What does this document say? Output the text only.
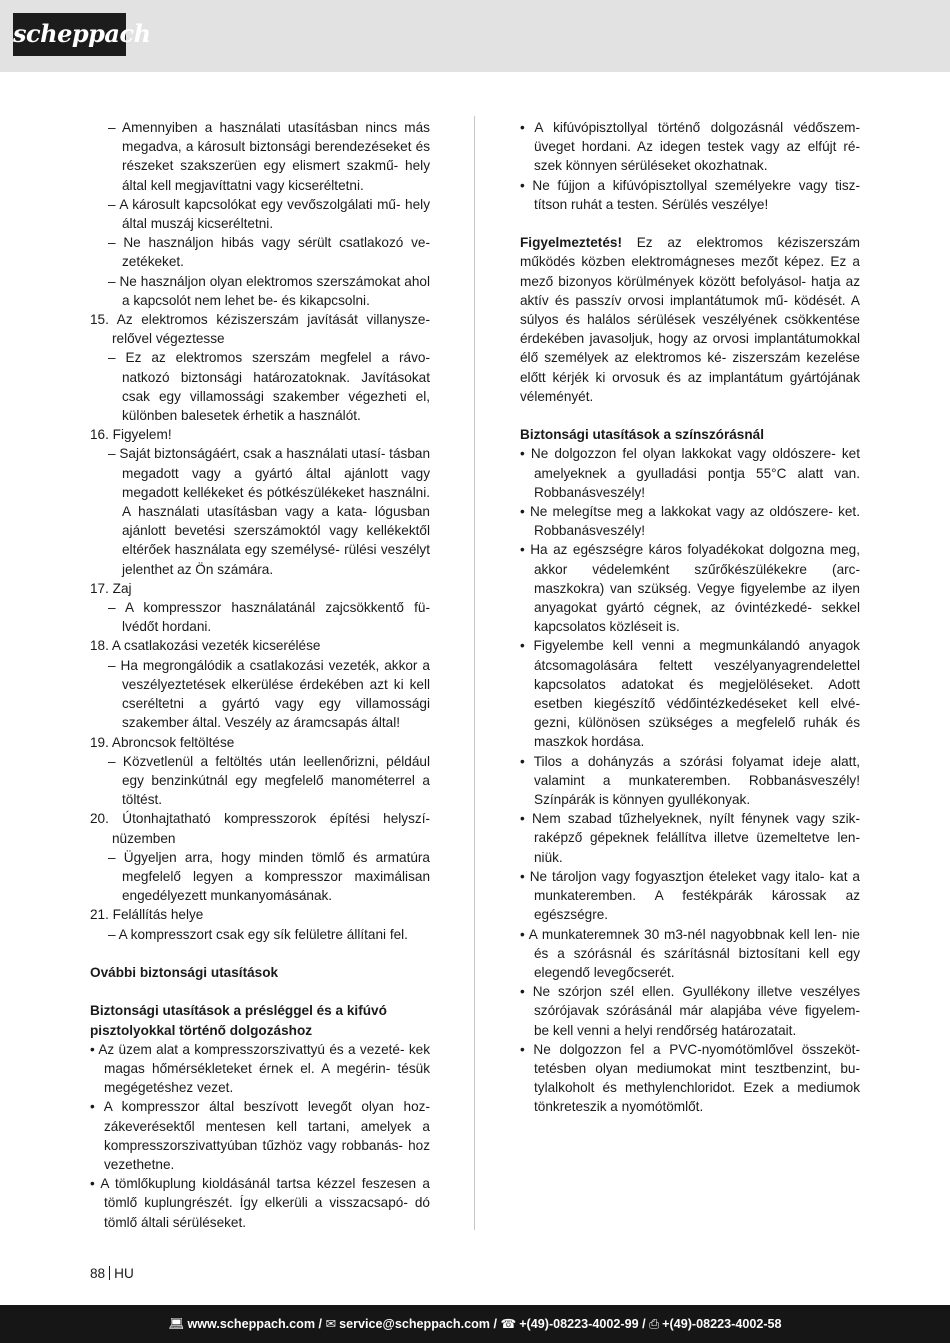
scheppach
– Amennyiben a használati utasításban nincs más megadva, a károsult biztonsági berendezéseket és részeket szakszerüen egy elismert szakmű- hely által kell megjavíttatni vagy kicseréltetni.
– A károsult kapcsolókat egy vevőszolgálati mű- hely által muszáj kicseréltetni.
– Ne használjon hibás vagy sérült csatlakozó ve- zetékeket.
– Ne használjon olyan elektromos szerszámokat ahol a kapcsolót nem lehet be- és kikapcsolni.
15. Az elektromos kéziszerszám javítását villanysze- relővel végeztesse
– Ez az elektromos szerszám megfelel a rávo- natkozó biztonsági határozatoknak. Javításokat csak egy villamossági szakember végezheti el, különben balesetek érhetik a használót.
16. Figyelem!
– Saját biztonságáért, csak a használati utasí- tásban megadott vagy a gyártó által ajánlott vagy megadott kellékeket és pótkészülékeket használni. A használati utasításban vagy a kata- lógusban ajánlott bevetési szerszámoktól vagy kellékektől eltérőek használata egy személysé- rülési veszélyt jelenthet az Ön számára.
17. Zaj
– A kompresszor használatánál zajcsökkentő fü- lvédőt hordani.
18. A csatlakozási vezeték kicserélése
– Ha megrongálódik a csatlakozási vezeték, akkor a veszélyeztetések elkerülése érdekében azt ki kell cseréltetni a gyártó vagy egy villamossági szakember által. Veszély az áramcsapás által!
19. Abroncsok feltöltése
– Közvetlenül a feltöltés után leellenőrizni, például egy benzinkútnál egy megfelelő manométerrel a töltést.
20. Útonhajtatható kompresszorok építési helyszí- nüzemben
– Ügyeljen arra, hogy minden tömlő és armatúra megfelelő legyen a kompresszor maximálisan engedélyezett munkanyomásának.
21. Felállítás helye
– A kompresszort csak egy sík felületre állítani fel.
Ovábbi biztonsági utasítások
Biztonsági utasítások a présléggel és a kifúvó pisztolyokkal történő dolgozáshoz
• Az üzem alat a kompresszorszivattyú és a vezeté- kek magas hőmérsékleteket érnek el. A megérin- tésük megégetéshez vezet.
• A kompresszor által beszívott levegőt olyan hoz- zákeverésektől mentesen kell tartani, amelyek a kompresszorszivattyúban tűzhöz vagy robbanás- hoz vezethetne.
• A tömlőkuplung kioldásánál tartsa kézzel feszesen a tömlő kuplungrészét. Így elkerüli a visszacsapó- dó tömlő általi sérüléseket.
• A kifúvópisztollyal történő dolgozásnál védőszem- üveget hordani. Az idegen testek vagy az elfújt ré- szek könnyen sérüléseket okozhatnak.
• Ne fújjon a kifúvópisztollyal személyekre vagy tisz- títson ruhát a testen. Sérülés veszélye!
Figyelmeztetés! Ez az elektromos kéziszerszám működés közben elektromágneses mezőt képez. Ez a mező bizonyos körülmények között befolyásol- hatja az aktív és passzív orvosi implantátumok mű- ködését. A súlyos és halálos sérülések veszélyének csökkentése érdekében javasoljuk, hogy az orvosi implantátumokkal élő személyek az elektromos ké- ziszerszám kezelése előtt kérjék ki orvosuk és az implantátum gyártójának véleményét.
Biztonsági utasítások a színszórásnál
• Ne dolgozzon fel olyan lakkokat vagy oldószere- ket amelyeknek a gyulladási pontja 55°C alatt van. Robbanásveszély!
• Ne melegítse meg a lakkokat vagy az oldószere- ket. Robbanásveszély!
• Ha az egészségre káros folyadékokat dolgozna meg, akkor védelemként szűrőkészülékekre (arc- maszkokra) van szükség. Vegye figyelembe az ilyen anyagokat gyártó cégnek, az óvintézkedé- sekkel kapcsolatos közléseit is.
• Figyelembe kell venni a megmunkálandó anyagok átcsomagolására feltett veszélyanyagrendelettel kapcsolatos adatokat és megjelöléseket. Adott esetben kiegészítő védőintézkedéseket kell elvé- gezni, különösen szükséges a megfelelő ruhák és maszkok hordása.
• Tilos a dohányzás a szórási folyamat ideje alatt, valamint a munkateremben. Robbanásveszély! Színpárák is könnyen gyullékonyak.
• Nem szabad tűzhelyeknek, nyílt fénynek vagy szik- raképző gépeknek felállítva illetve üzemeltetve len- niük.
• Ne tároljon vagy fogyasztjon ételeket vagy italo- kat a munkateremben. A festékpárák károssak az egészségre.
• A munkateremnek 30 m3-nél nagyobbnak kell len- nie és a szórásnál és szárításnál biztosítani kell egy elegendő levegőcserét.
• Ne szórjon szél ellen. Gyullékony illetve veszélyes szórójavak szórásánál már alapjába véve figyelem- be kell venni a helyi rendőrség határozatait.
• Ne dolgozzon fel a PVC-nyomótömlővel összeköt- tetésben olyan mediumokat mint tesztbenzint, bu- tylalkoholt és methylenchloridot. Ezek a mediumok tönkreteszik a nyomótömlőt.
88 HU
💻︎ www.scheppach.com / ✉︎ service@scheppach.com / ☎︎ +(49)-08223-4002-99 / ⎙ +(49)-08223-4002-58
